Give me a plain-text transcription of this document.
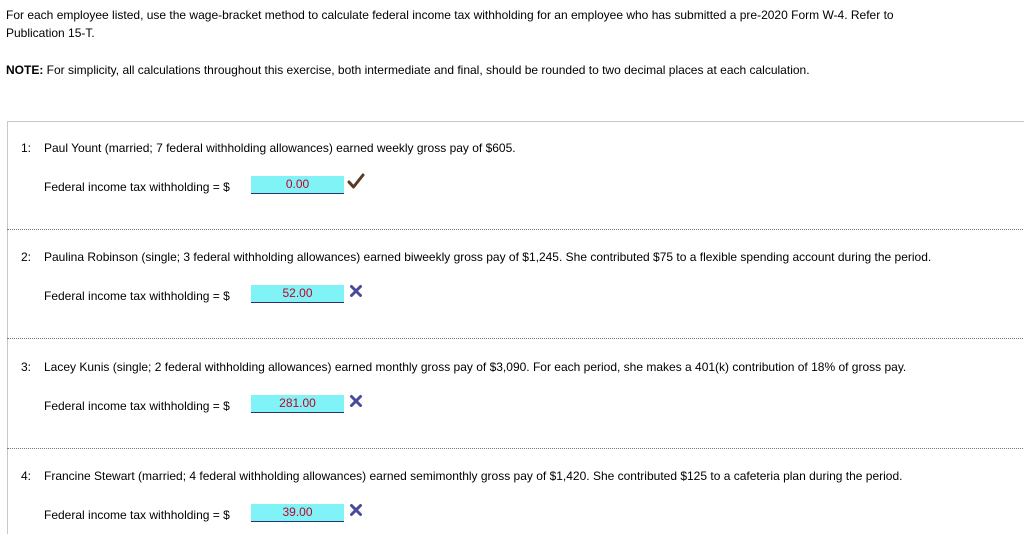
For each employee listed, use the wage-bracket method to calculate federal income tax withholding for an employee who has submitted a pre-2020 Form W-4. Refer to
Publication 15-T.
NOTE: For simplicity, all calculations throughout this exercise, both intermediate and final, should be rounded to two decimal places at each calculation.
1: Paul Yount (married; 7 federal withholding allowances) earned weekly gross pay of $605.
Federal income tax withholding = $	0.00
2: Paulina Robinson (single; 3 federal withholding allowances) earned biweekly gross pay of $1,245. She contributed $75 to a flexible spending account during the period.
Federal income tax withholding = $	52.00
3: Lacey Kunis (single; 2 federal withholding allowances) earned monthly gross pay of $3,090. For each period, she makes a 401(k) contribution of 18% of gross pay.
Federal income tax withholding = $	281.00
4: Francine Stewart (married; 4 federal withholding allowances) earned semimonthly gross pay of $1,420. She contributed $125 to a cafeteria plan during the period.
Federal income tax withholding = $	39.00
